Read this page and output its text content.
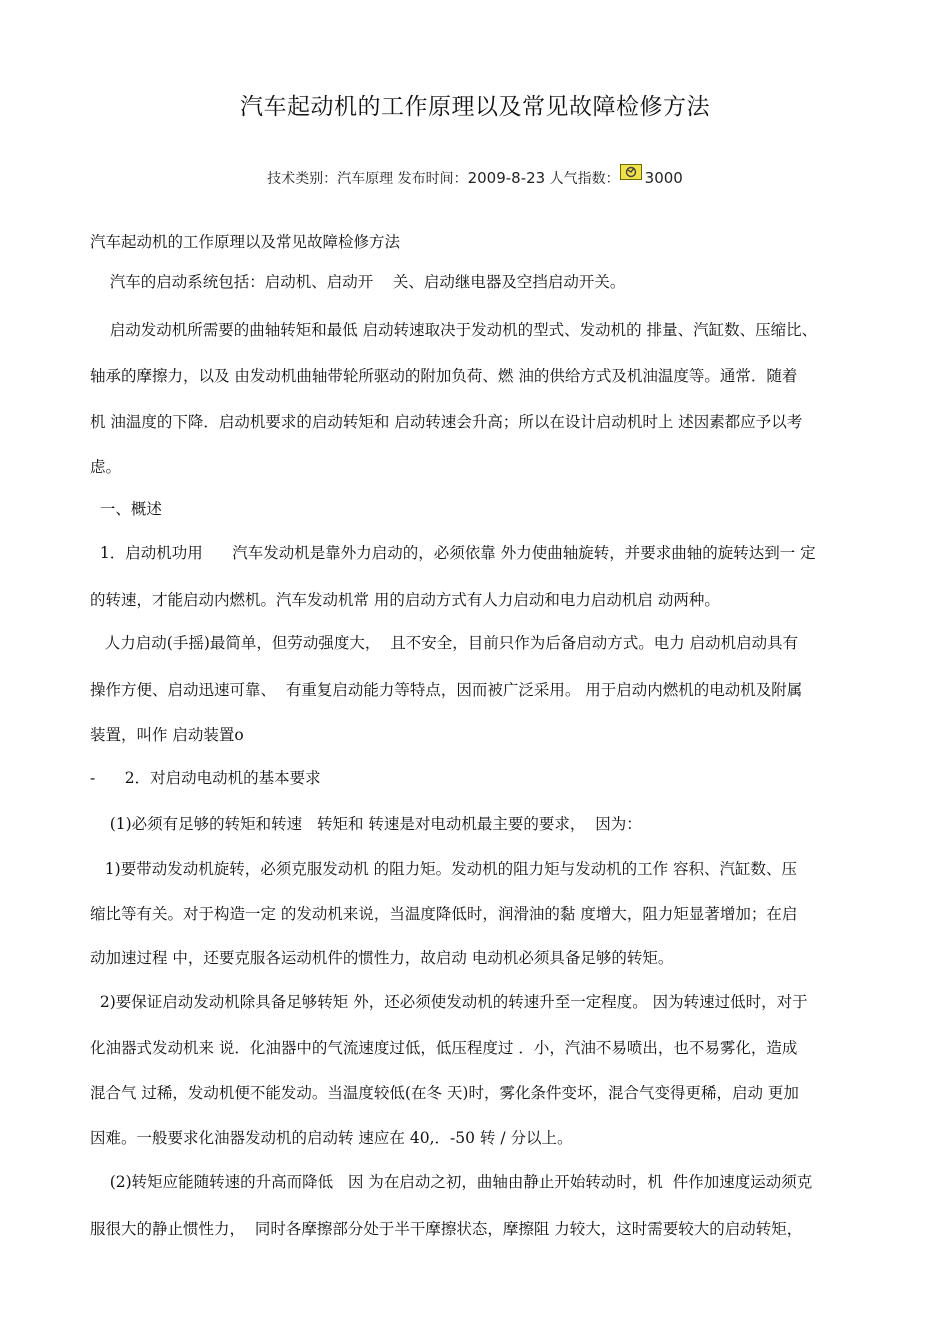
汽车起动机的工作原理以及常见故障检修方法
技术类别：汽车原理 发布时间：2009-8-23 人气指数： 3000
汽车起动机的工作原理以及常见故障检修方法
汽车的启动系统包括：启动机、启动开    关、启动继电器及空挡启动开关。
启动发动机所需要的曲轴转矩和最低 启动转速取决于发动机的型式、发动机的 排量、汽缸数、压缩比、
轴承的摩擦力，以及 由发动机曲轴带轮所驱动的附加负荷、燃 油的供给方式及机油温度等。通常．随着
机 油温度的下降．启动机要求的启动转矩和 启动转速会升高；所以在设计启动机时上 述因素都应予以考
虑。
一、概述
1．启动机功用      汽车发动机是靠外力启动的，必须依靠 外力使曲轴旋转，并要求曲轴的旋转达到一 定
的转速，才能启动内燃机。汽车发动机常 用的启动方式有人力启动和电力启动机启 动两种。
人力启动(手摇)最简单，但劳动强度大，  且不安全，目前只作为后备启动方式。电力 启动机启动具有
操作方便、启动迅速可靠、  有重复启动能力等特点，因而被广泛采用。 用于启动内燃机的电动机及附属
装置，叫作 启动装置o
-      2．对启动电动机的基本要求
(1)必须有足够的转矩和转速   转矩和 转速是对电动机最主要的要求，  因为：
1)要带动发动机旋转，必须克服发动机 的阻力矩。发动机的阻力矩与发动机的工作 容积、汽缸数、压
缩比等有关。对于构造一定 的发动机来说，当温度降低时，润滑油的黏 度增大，阻力矩显著增加；在启
动加速过程 中，还要克服各运动机件的惯性力，故启动 电动机必须具备足够的转矩。
2)要保证启动发动机除具备足够转矩 外，还必须使发动机的转速升至一定程度。 因为转速过低时，对于
化油器式发动机来 说．化油器中的气流速度过低，低压程度过 ．小，汽油不易喷出，也不易雾化，造成
混合气 过稀，发动机便不能发动。当温度较低(在冬 天)时，雾化条件变坏，混合气变得更稀，启动 更加
因难。一般要求化油器发动机的启动转 速应在 40,．-50 转 / 分以上。
(2)转矩应能随转速的升高而降低   因 为在启动之初，曲轴由静止开始转动时，机  件作加速度运动须克
服很大的静止惯性力，  同时各摩擦部分处于半干摩擦状态，摩擦阻 力较大，这时需要较大的启动转矩，
